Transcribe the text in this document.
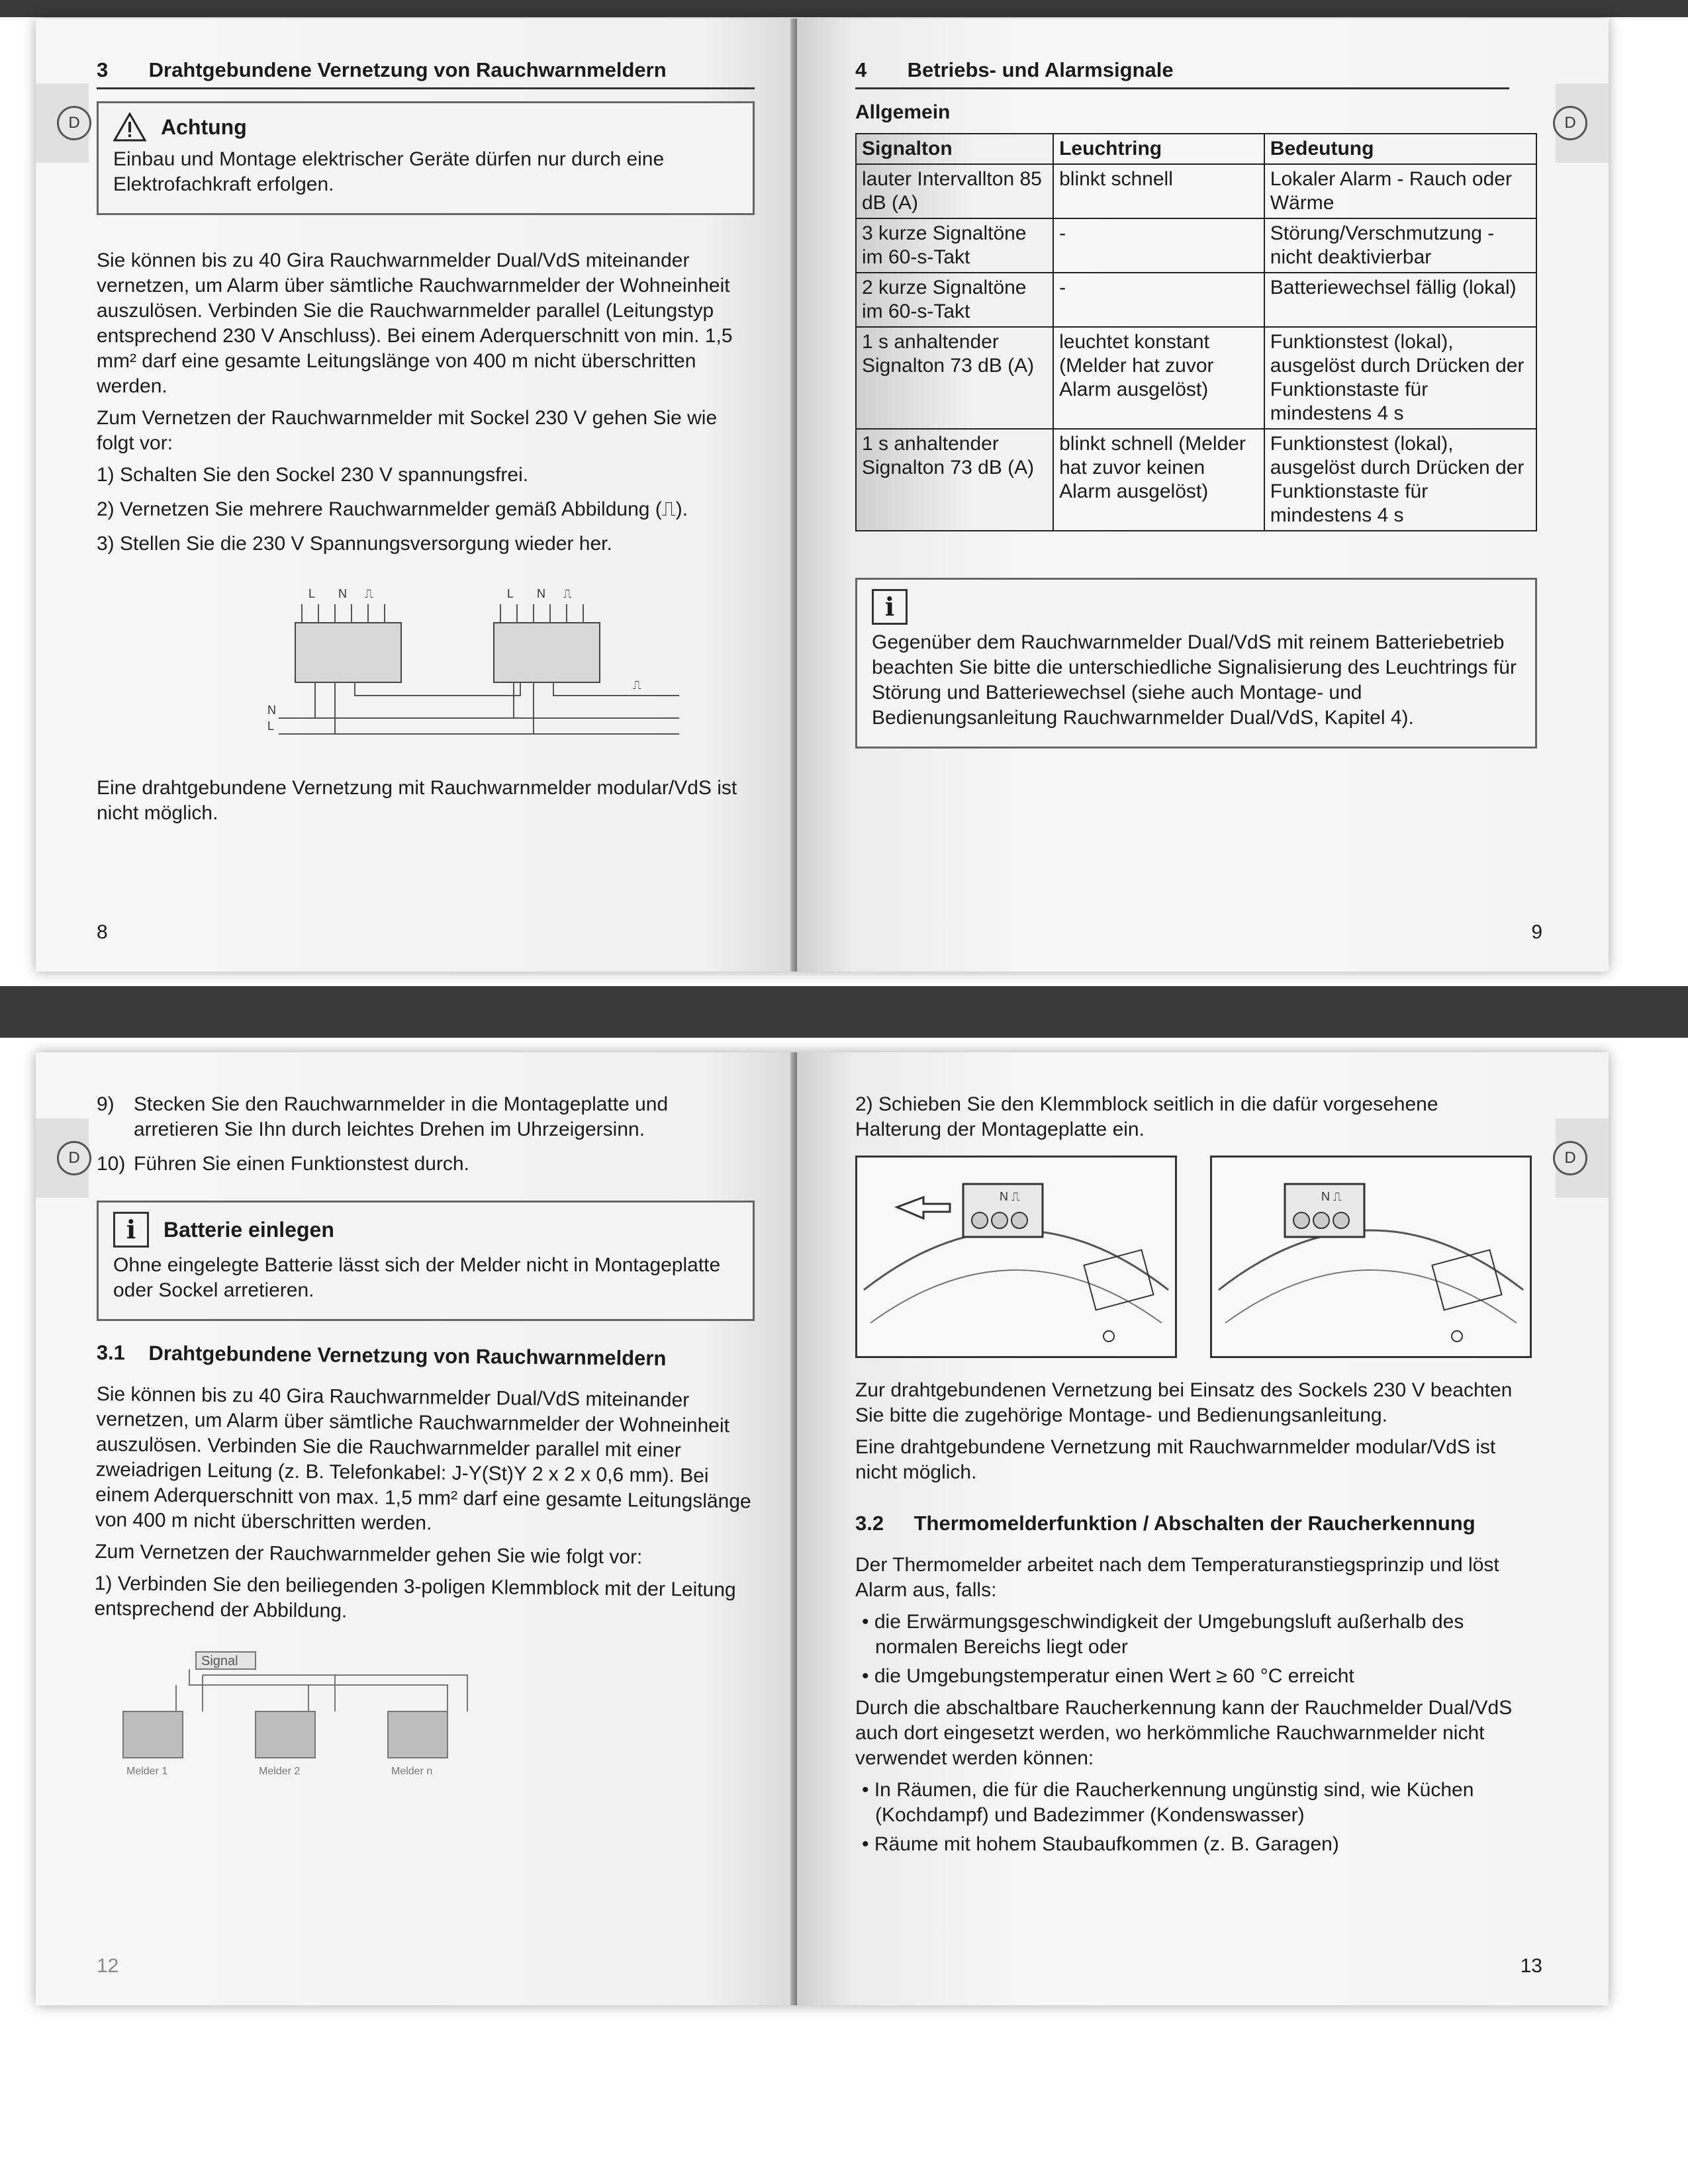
D
3 Drahtgebundene Vernetzung von Rauchwarnmeldern
Achtung

Einbau und Montage elektrischer Geräte dürfen nur durch eine Elektrofachkraft erfolgen.

Sie können bis zu 40 Gira Rauchwarnmelder Dual/VdS miteinander vernetzen, um Alarm über sämtliche Rauchwarnmelder der Wohneinheit auszulösen. Verbinden Sie die Rauchwarnmelder parallel (Leitungstyp entsprechend 230 V Anschluss). Bei einem Aderquerschnitt von min. 1,5 mm² darf eine gesamte Leitungslänge von 400 m nicht überschritten werden.

Zum Vernetzen der Rauchwarnmelder mit Sockel 230 V gehen Sie wie folgt vor:

1) Schalten Sie den Sockel 230 V spannungsfrei.
2) Vernetzen Sie mehrere Rauchwarnmelder gemäß Abbildung (⎍).
3) Stellen Sie die 230 V Spannungsversorgung wieder her.
L N ⎍	L N ⎍
N
L
⎍

Eine drahtgebundene Vernetzung mit Rauchwarnmelder modular/VdS ist nicht möglich.

8
D
4 Betriebs- und Alarmsignale
Allgemein
Signalton	Leuchtring	Bedeutung
lauter Intervallton 85 dB (A)	blinkt schnell	Lokaler Alarm - Rauch oder Wärme
3 kurze Signaltöne im 60-s-Takt	-	Störung/Verschmutzung - nicht deaktivierbar
2 kurze Signaltöne im 60-s-Takt	-	Batteriewechsel fällig (lokal)
1 s anhaltender Signalton 73 dB (A)	leuchtet konstant (Melder hat zuvor Alarm ausgelöst)	Funktionstest (lokal), ausgelöst durch Drücken der Funktionstaste für mindestens 4 s
1 s anhaltender Signalton 73 dB (A)	blinkt schnell (Melder hat zuvor keinen Alarm ausgelöst)	Funktionstest (lokal), ausgelöst durch Drücken der Funktionstaste für mindestens 4 s
i

Gegenüber dem Rauchwarnmelder Dual/VdS mit reinem Batteriebetrieb beachten Sie bitte die unterschiedliche Signalisierung des Leuchtrings für Störung und Batteriewechsel (siehe auch Montage- und Bedienungsanleitung Rauchwarnmelder Dual/VdS, Kapitel 4).

9
D
9) Stecken Sie den Rauchwarnmelder in die Montageplatte und arretieren Sie Ihn durch leichtes Drehen im Uhrzeigersinn.
10) Führen Sie einen Funktionstest durch.
i	Batterie einlegen

Ohne eingelegte Batterie lässt sich der Melder nicht in Montageplatte oder Sockel arretieren.

3.1 Drahtgebundene Vernetzung von Rauchwarnmeldern

Sie können bis zu 40 Gira Rauchwarnmelder Dual/VdS miteinander vernetzen, um Alarm über sämtliche Rauchwarnmelder der Wohneinheit auszulösen. Verbinden Sie die Rauchwarnmelder parallel mit einer zweiadrigen Leitung (z. B. Telefonkabel: J-Y(St)Y 2 x 2 x 0,6 mm). Bei einem Aderquerschnitt von max. 1,5 mm² darf eine gesamte Leitungslänge von 400 m nicht überschritten werden.

Zum Vernetzen der Rauchwarnmelder gehen Sie wie folgt vor:

1) Verbinden Sie den beiliegenden 3-poligen Klemmblock mit der Leitung entsprechend der Abbildung.

Signal
Melder 1	Melder 2	Melder n
12
D

2) Schieben Sie den Klemmblock seitlich in die dafür vorgesehene Halterung der Montageplatte ein.

N ⎍	N ⎍

Zur drahtgebundenen Vernetzung bei Einsatz des Sockels 230 V beachten Sie bitte die zugehörige Montage- und Bedienungsanleitung.

Eine drahtgebundene Vernetzung mit Rauchwarnmelder modular/VdS ist nicht möglich.

3.2 Thermomelderfunktion / Abschalten der Raucherkennung

Der Thermomelder arbeitet nach dem Temperaturanstiegsprinzip und löst Alarm aus, falls:

• die Erwärmungsgeschwindigkeit der Umgebungsluft außerhalb des normalen Bereichs liegt oder
• die Umgebungstemperatur einen Wert ≥ 60 °C erreicht

Durch die abschaltbare Raucherkennung kann der Rauchmelder Dual/VdS auch dort eingesetzt werden, wo herkömmliche Rauchwarnmelder nicht verwendet werden können:

• In Räumen, die für die Raucherkennung ungünstig sind, wie Küchen (Kochdampf) und Badezimmer (Kondenswasser)
• Räume mit hohem Staubaufkommen (z. B. Garagen)
13
